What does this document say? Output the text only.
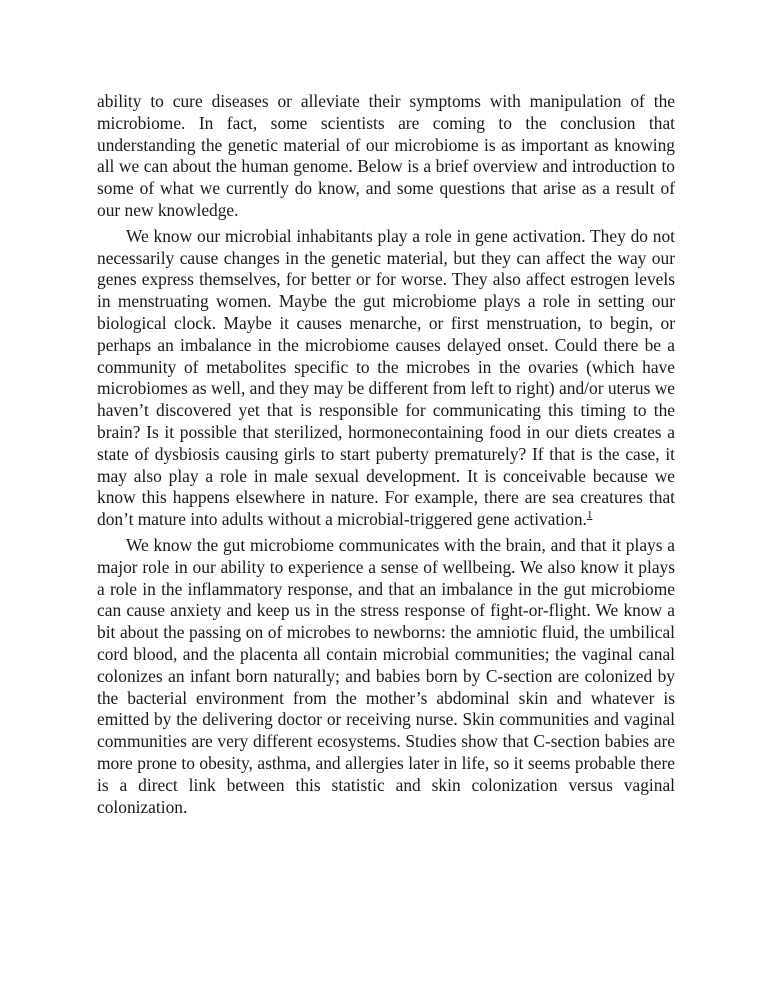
ability to cure diseases or alleviate their symptoms with manipulation of the microbiome. In fact, some scientists are coming to the conclusion that understanding the genetic material of our microbiome is as important as knowing all we can about the human genome. Below is a brief overview and introduction to some of what we currently do know, and some questions that arise as a result of our new knowledge.

We know our microbial inhabitants play a role in gene activation. They do not necessarily cause changes in the genetic material, but they can affect the way our genes express themselves, for better or for worse. They also affect estrogen levels in menstruating women. Maybe the gut microbiome plays a role in setting our biological clock. Maybe it causes menarche, or first menstruation, to begin, or perhaps an imbalance in the microbiome causes delayed onset. Could there be a community of metabolites specific to the microbes in the ovaries (which have microbiomes as well, and they may be different from left to right) and/or uterus we haven’t discovered yet that is responsible for communicating this timing to the brain? Is it possible that sterilized, hormonecontaining food in our diets creates a state of dysbiosis causing girls to start puberty prematurely? If that is the case, it may also play a role in male sexual development. It is conceivable because we know this happens elsewhere in nature. For example, there are sea creatures that don’t mature into adults without a microbial-triggered gene activation.$^1$

We know the gut microbiome communicates with the brain, and that it plays a major role in our ability to experience a sense of wellbeing. We also know it plays a role in the inflammatory response, and that an imbalance in the gut microbiome can cause anxiety and keep us in the stress response of fight-or-flight. We know a bit about the passing on of microbes to newborns: the amniotic fluid, the umbilical cord blood, and the placenta all contain microbial communities; the vaginal canal colonizes an infant born naturally; and babies born by C-section are colonized by the bacterial environment from the mother’s abdominal skin and whatever is emitted by the delivering doctor or receiving nurse. Skin communities and vaginal communities are very different ecosystems. Studies show that C-section babies are more prone to obesity, asthma, and allergies later in life, so it seems probable there is a direct link between this statistic and skin colonization versus vaginal colonization.
